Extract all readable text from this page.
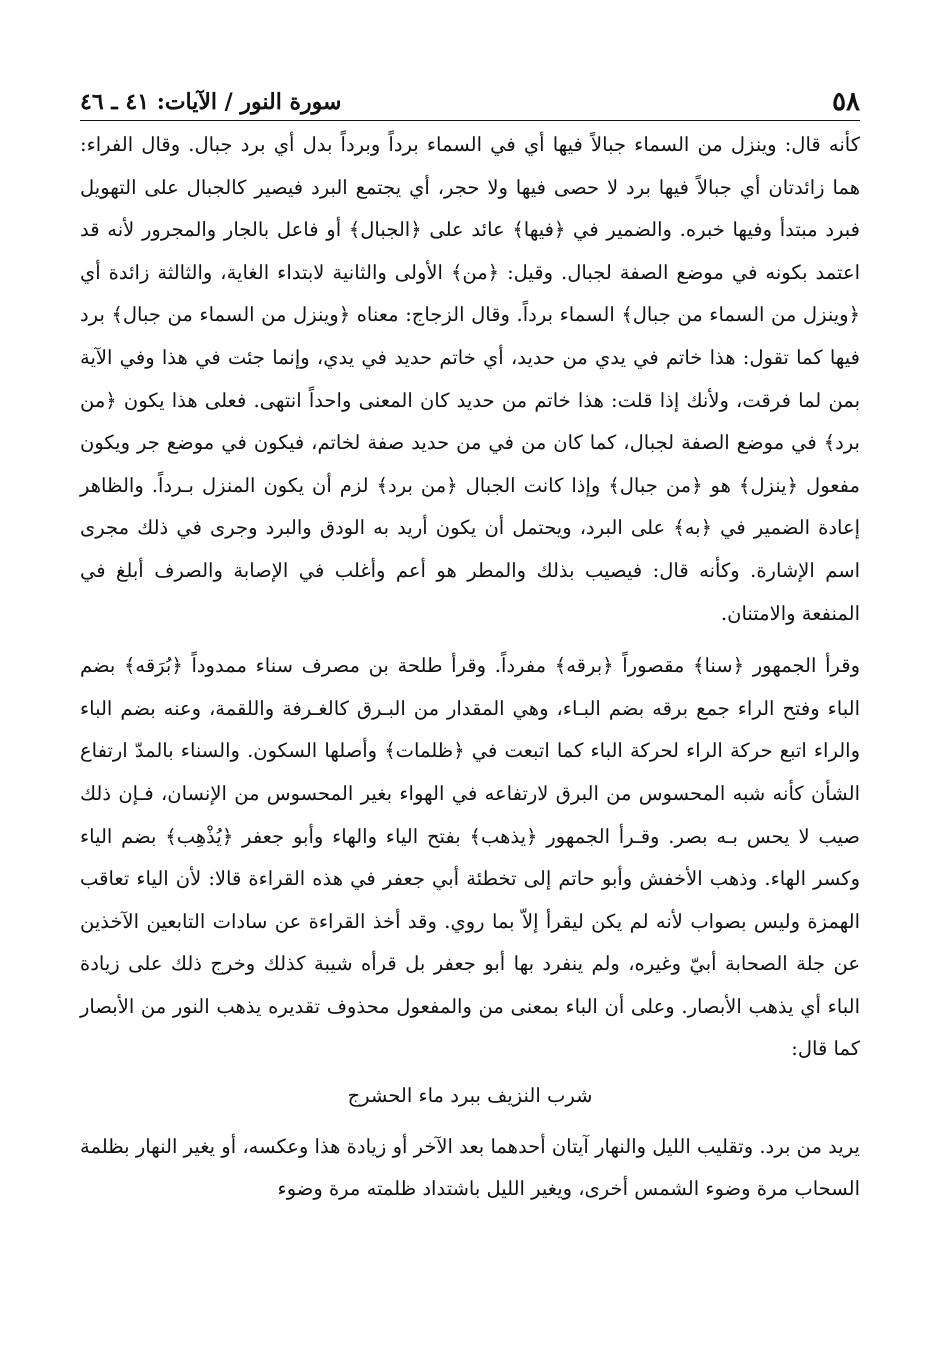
٥٨
سورة النور / الآيات: ٤١ ـ ٤٦

كأنه قال: وينزل من السماء جبالاً فيها أي في السماء برداً وبرداً بدل أي برد جبال. وقال الفراء: هما زائدتان أي جبالاً فيها برد لا حصى فيها ولا حجر، أي يجتمع البرد فيصير كالجبال على التهويل فبرد مبتدأ وفيها خبره. والضمير في ﴿فيها﴾ عائد على ﴿الجبال﴾ أو فاعل بالجار والمجرور لأنه قد اعتمد بكونه في موضع الصفة لجبال. وقيل: ﴿من﴾ الأولى والثانية لابتداء الغاية، والثالثة زائدة أي ﴿وينزل من السماء من جبال﴾ السماء برداً. وقال الزجاج: معناه ﴿وينزل من السماء من جبال﴾ برد فيها كما تقول: هذا خاتم في يدي من حديد، أي خاتم حديد في يدي، وإنما جئت في هذا وفي الآية بمن لما فرقت، ولأنك إذا قلت: هذا خاتم من حديد كان المعنى واحداً انتهى. فعلى هذا يكون ﴿من برد﴾ في موضع الصفة لجبال، كما كان من في من حديد صفة لخاتم، فيكون في موضع جر ويكون مفعول ﴿ينزل﴾ هو ﴿من جبال﴾ وإذا كانت الجبال ﴿من برد﴾ لزم أن يكون المنزل بـرداً. والظاهر إعادة الضمير في ﴿به﴾ على البرد، ويحتمل أن يكون أريد به الودق والبرد وجرى في ذلك مجرى اسم الإشارة. وكأنه قال: فيصيب بذلك والمطر هو أعم وأغلب في الإصابة والصرف أبلغ في المنفعة والامتنان.

وقرأ الجمهور ﴿سنا﴾ مقصوراً ﴿برقه﴾ مفرداً. وقرأ طلحة بن مصرف سناء ممدوداً ﴿بُرَقه﴾ بضم الباء وفتح الراء جمع برقه بضم البـاء، وهي المقدار من البـرق كالغـرفة واللقمة، وعنه بضم الباء والراء اتبع حركة الراء لحركة الباء كما اتبعت في ﴿ظلمات﴾ وأصلها السكون. والسناء بالمدّ ارتفاع الشأن كأنه شبه المحسوس من البرق لارتفاعه في الهواء بغير المحسوس من الإنسان، فـإن ذلك صيب لا يحس بـه بصر. وقـرأ الجمهور ﴿يذهب﴾ بفتح الياء والهاء وأبو جعفر ﴿يُذْهِب﴾ بضم الياء وكسر الهاء. وذهب الأخفش وأبو حاتم إلى تخطئة أبي جعفر في هذه القراءة قالا: لأن الياء تعاقب الهمزة وليس بصواب لأنه لم يكن ليقرأ إلاّ بما روي. وقد أخذ القراءة عن سادات التابعين الآخذين عن جلة الصحابة أبيّ وغيره، ولم ينفرد بها أبو جعفر بل قرأه شيبة كذلك وخرج ذلك على زيادة الباء أي يذهب الأبصار. وعلى أن الباء بمعنى من والمفعول محذوف تقديره يذهب النور من الأبصار كما قال:

شرب النزيف ببرد ماء الحشرج

يريد من برد. وتقليب الليل والنهار آيتان أحدهما بعد الآخر أو زيادة هذا وعكسه، أو يغير النهار بظلمة السحاب مرة وضوء الشمس أخرى، ويغير الليل باشتداد ظلمته مرة وضوء
